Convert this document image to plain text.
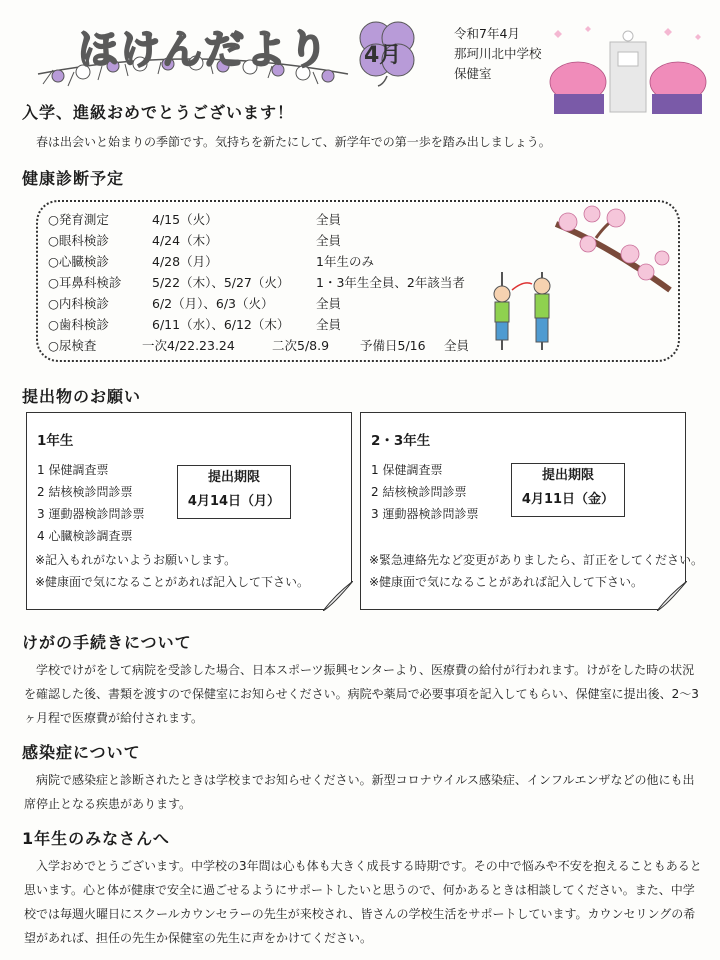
ほけんだより 4月
令和7年4月
那珂川北中学校
保健室
入学、進級おめでとうございます！

春は出会いと始まりの季節です。気持ちを新たにして、新学年での第一歩を踏み出しましょう。

健康診断予定
○発育測定	4/15（火）	全員
○眼科検診	4/24（木）	全員
○心臓検診	4/28（月）	1年生のみ
○耳鼻科検診 5/22（木）、5/27（火） 1・3年生全員、2年該当者
○内科検診	6/2（月）、6/3（火）	全員
○歯科検診	6/11（水）、6/12（木） 全員
○尿検査	一次4/22.23.24	二次5/8.9 予備日5/16 全員
提出物のお願い
1年生
1 保健調査票
2 結核検診問診票
3 運動器検診問診票
4 心臓検診調査票
提出期限
4月14日（月）
※記入もれがないようお願いします。
※健康面で気になることがあれば記入して下さい。
2・3年生
1 保健調査票
2 結核検診問診票
3 運動器検診問診票
提出期限
4月11日（金）
※緊急連絡先など変更がありましたら、訂正をしてください。
※健康面で気になることがあれば記入して下さい。
けがの手続きについて

学校でけがをして病院を受診した場合、日本スポーツ振興センターより、医療費の給付が行われます。けがをした時の状況を確認した後、書類を渡すので保健室にお知らせください。病院や薬局で必要事項を記入してもらい、保健室に提出後、2～3ヶ月程で医療費が給付されます。

感染症について

病院で感染症と診断されたときは学校までお知らせください。新型コロナウイルス感染症、インフルエンザなどの他にも出席停止となる疾患があります。

1年生のみなさんへ

入学おめでとうございます。中学校の3年間は心も体も大きく成長する時期です。その中で悩みや不安を抱えることもあると思います。心と体が健康で安全に過ごせるようにサポートしたいと思うので、何かあるときは相談してください。また、中学校では毎週火曜日にスクールカウンセラーの先生が来校され、皆さんの学校生活をサポートしています。カウンセリングの希望があれば、担任の先生か保健室の先生に声をかけてください。
